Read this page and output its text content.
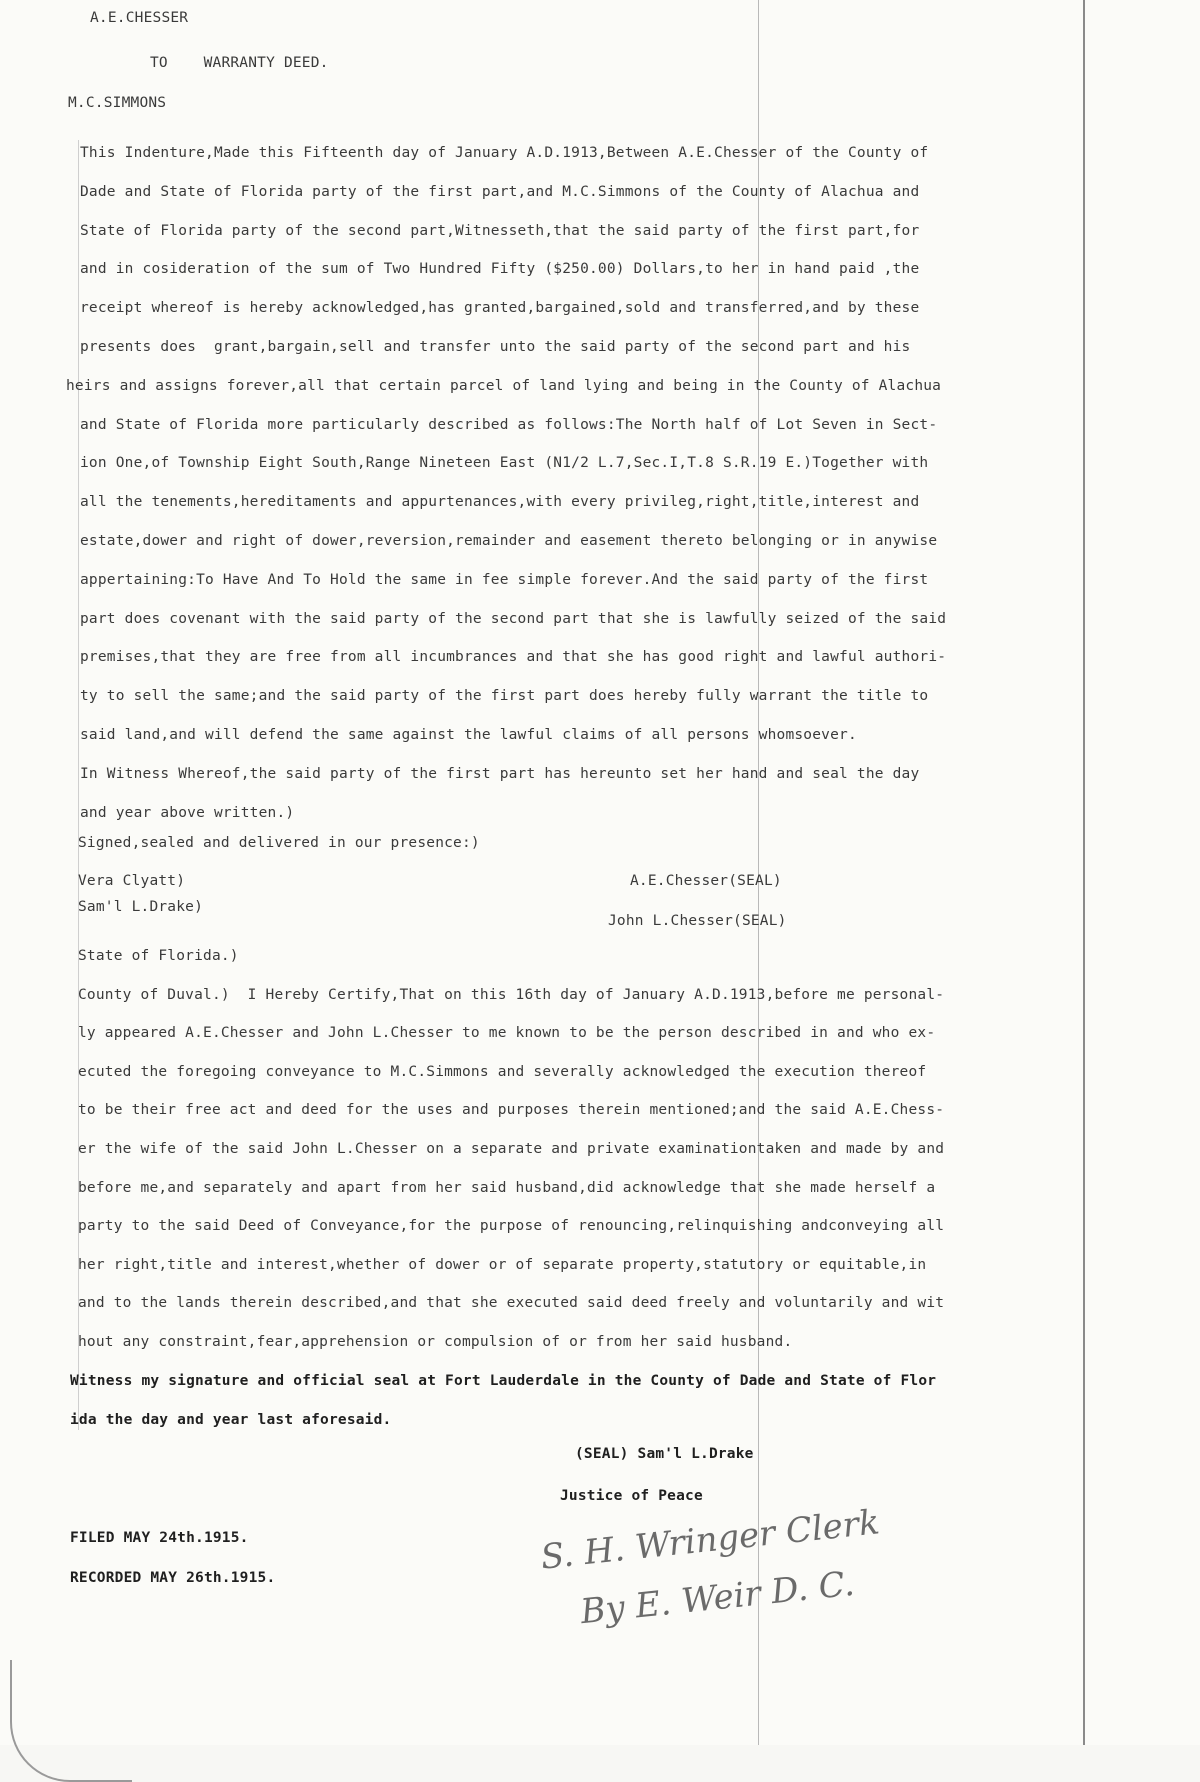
A.E.CHESSER

TO    WARRANTY DEED.

M.C.SIMMONS

This Indenture,Made this Fifteenth day of January A.D.1913,Between A.E.Chesser of the County of
Dade and State of Florida party of the first part,and M.C.Simmons of the County of Alachua and
State of Florida party of the second part,Witnesseth,that the said party of the first part,for
and in cosideration of the sum of Two Hundred Fifty ($250.00) Dollars,to her in hand paid ,the
receipt whereof is hereby acknowledged,has granted,bargained,sold and transferred,and by these
presents does  grant,bargain,sell and transfer unto the said party of the second part and his
heirs and assigns forever,all that certain parcel of land lying and being in the County of Alachua
and State of Florida more particularly described as follows:The North half of Lot Seven in Sect-
ion One,of Township Eight South,Range Nineteen East (N1/2 L.7,Sec.I,T.8 S.R.19 E.)Together with
all the tenements,hereditaments and appurtenances,with every privileg,right,title,interest and
estate,dower and right of dower,reversion,remainder and easement thereto belonging or in anywise
appertaining:To Have And To Hold the same in fee simple forever.And the said party of the first
part does covenant with the said party of the second part that she is lawfully seized of the said
premises,that they are free from all incumbrances and that she has good right and lawful authori-
ty to sell the same;and the said party of the first part does hereby fully warrant the title to
said land,and will defend the same against the lawful claims of all persons whomsoever.
In Witness Whereof,the said party of the first part has hereunto set her hand and seal the day
and year above written.)

Signed,sealed and delivered in our presence:)

Vera Clyatt)

Sam'l L.Drake)

A.E.Chesser(SEAL)

John L.Chesser(SEAL)

State of Florida.)
County of Duval.)  I Hereby Certify,That on this 16th day of January A.D.1913,before me personal-
ly appeared A.E.Chesser and John L.Chesser to me known to be the person described in and who ex-
ecuted the foregoing conveyance to M.C.Simmons and severally acknowledged the execution thereof
to be their free act and deed for the uses and purposes therein mentioned;and the said A.E.Chess-
er the wife of the said John L.Chesser on a separate and private examinationtaken and made by and
before me,and separately and apart from her said husband,did acknowledge that she made herself a
party to the said Deed of Conveyance,for the purpose of renouncing,relinquishing andconveying all
her right,title and interest,whether of dower or of separate property,statutory or equitable,in
and to the lands therein described,and that she executed said deed freely and voluntarily and wit
hout any constraint,fear,apprehension or compulsion of or from her said husband.

Witness my signature and official seal at Fort Lauderdale in the County of Dade and State of Flor
ida the day and year last aforesaid.

(SEAL) Sam'l L.Drake

Justice of Peace

FILED MAY 24th.1915.

RECORDED MAY 26th.1915.

S. H. Wringer Clerk
By E. Weir D. C.
